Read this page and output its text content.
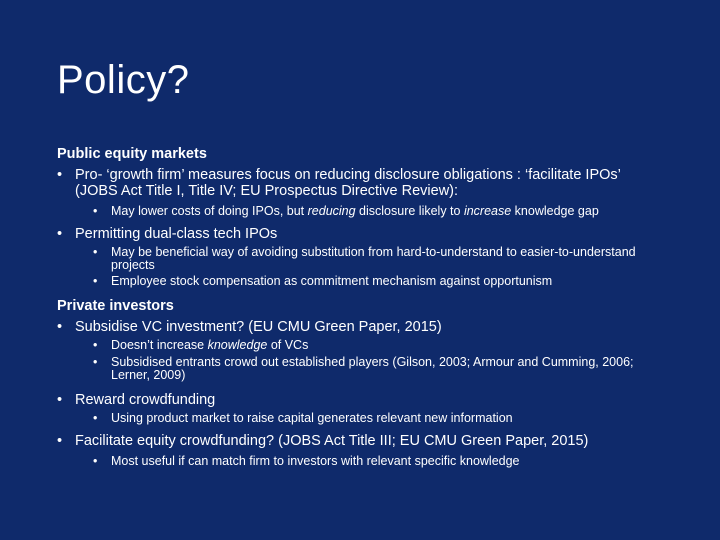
Policy?

Public equity markets

• Pro- ‘growth firm’ measures focus on reducing disclosure obligations : ‘facilitate IPOs’ (JOBS Act Title I, Title IV; EU Prospectus Directive Review):

• May lower costs of doing IPOs, but reducing disclosure likely to increase knowledge gap

• Permitting dual-class tech IPOs

• May be beneficial way of avoiding substitution from hard-to-understand to easier-to-understand projects

• Employee stock compensation as commitment mechanism against opportunism

Private investors

• Subsidise VC investment? (EU CMU Green Paper, 2015)

• Doesn’t increase knowledge of VCs

• Subsidised entrants crowd out established players (Gilson, 2003; Armour and Cumming, 2006; Lerner, 2009)

• Reward crowdfunding

• Using product market to raise capital generates relevant new information

• Facilitate equity crowdfunding? (JOBS Act Title III; EU CMU Green Paper, 2015)

• Most useful if can match firm to investors with relevant specific knowledge
